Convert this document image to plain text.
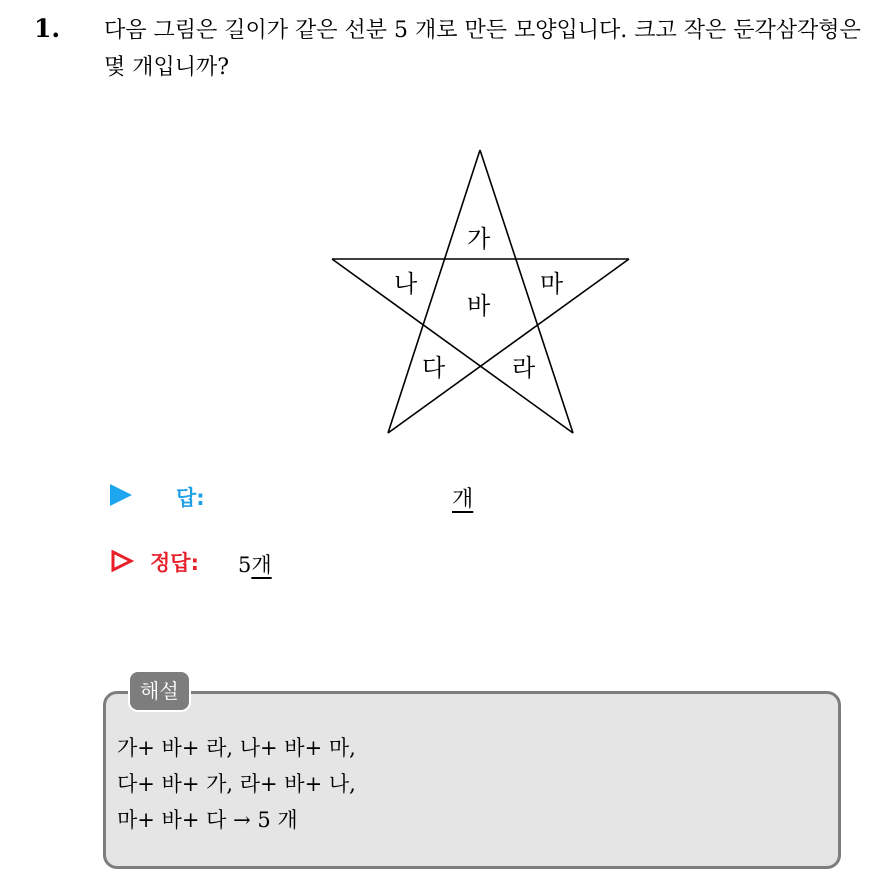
1. 다음 그림은 길이가 같은 선분 5 개로 만든 모양입니다. 크고 작은 둔각삼각형은 몇 개입니까?
가
나
바
마
다	라
답:	개
정답: 5개
해설
가+ 바+ 라, 나+ 바+ 마,
다+ 바+ 가, 라+ 바+ 나,
마+ 바+ 다 → 5 개
